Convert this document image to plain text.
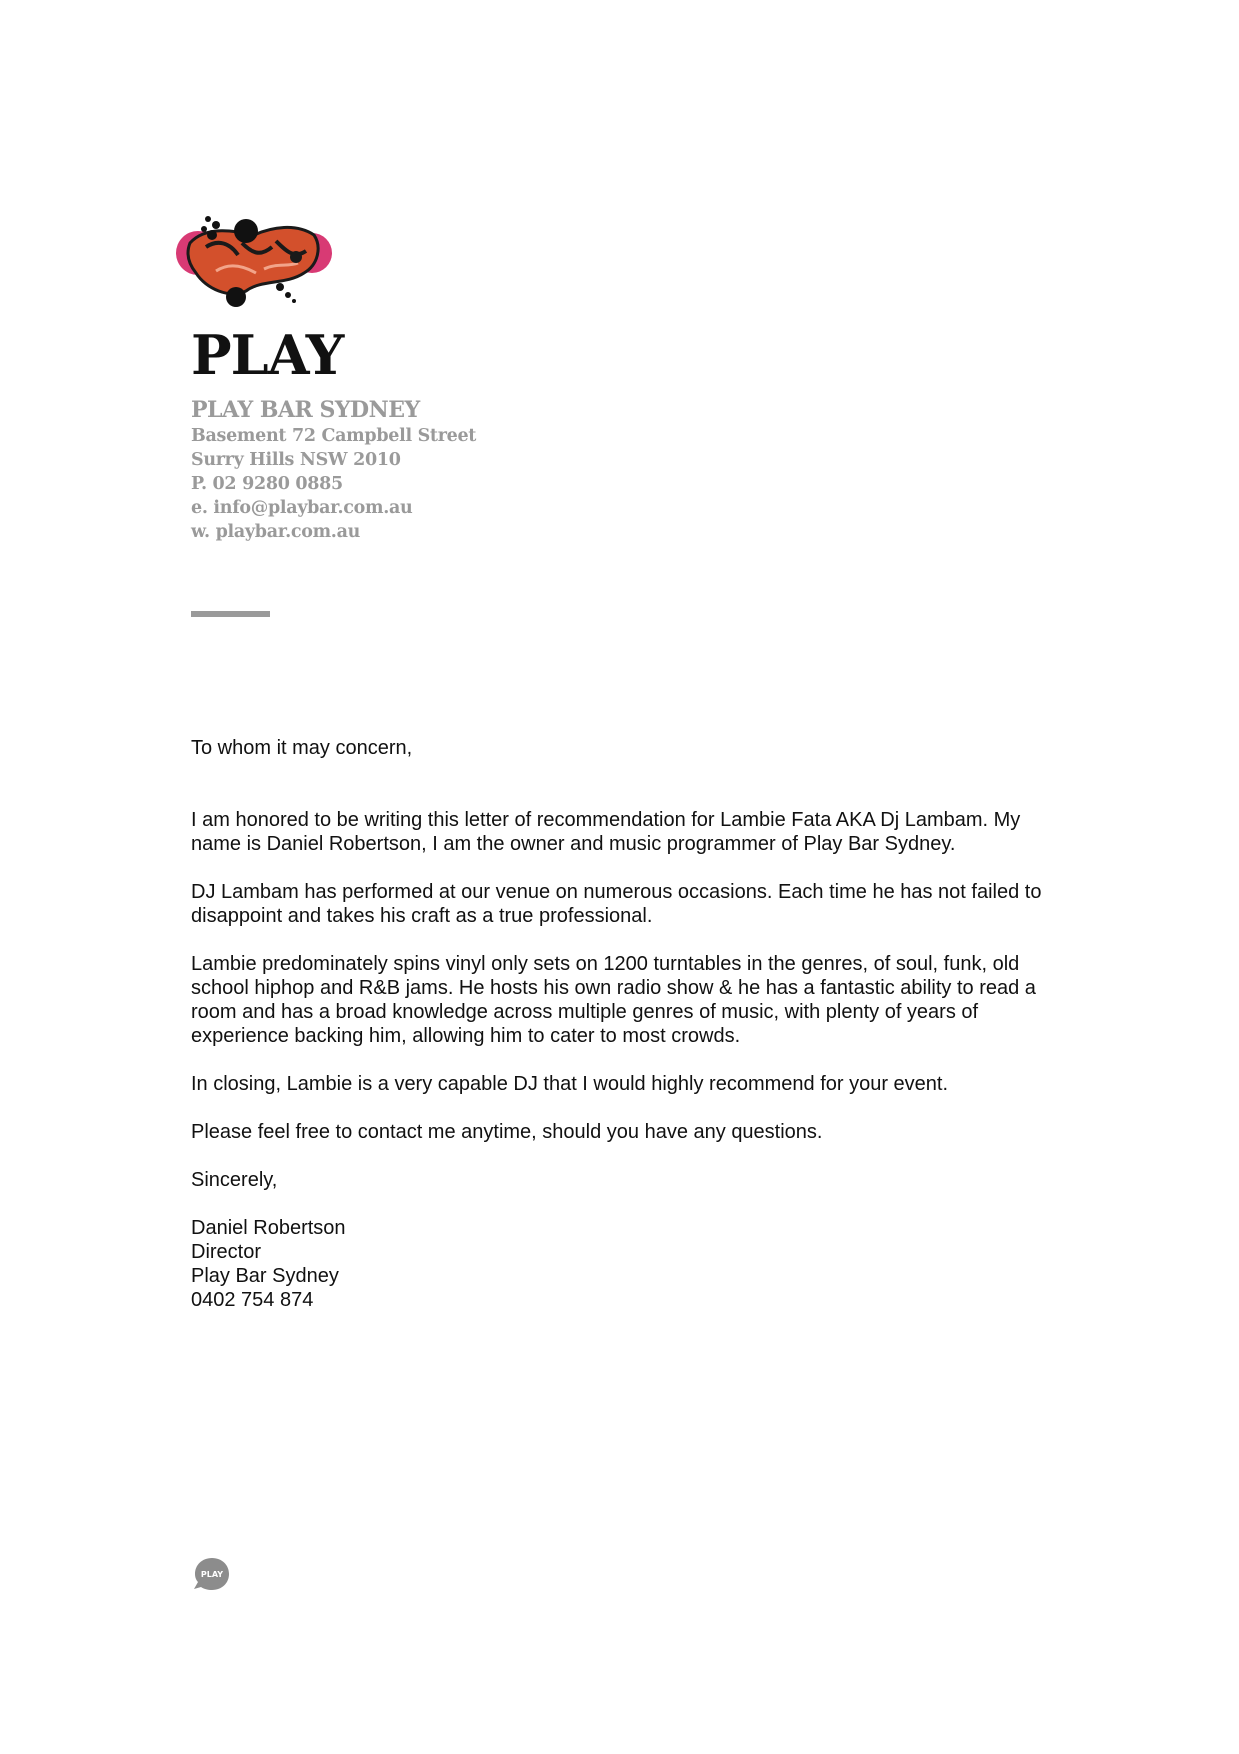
PLAY
PLAY BAR SYDNEY
Basement 72 Campbell Street
Surry Hills NSW 2010
P. 02 9280 0885
e. info@playbar.com.au
w. playbar.com.au

To whom it may concern,

I am honored to be writing this letter of recommendation for Lambie Fata AKA Dj Lambam. My name is Daniel Robertson, I am the owner and music programmer of Play Bar Sydney.

DJ Lambam has performed at our venue on numerous occasions. Each time he has not failed to disappoint and takes his craft as a true professional.

Lambie predominately spins vinyl only sets on 1200 turntables in the genres, of soul, funk, old school hiphop and R&B jams. He hosts his own radio show & he has a fantastic ability to read a room and has a broad knowledge across multiple genres of music, with plenty of years of experience backing him, allowing him to cater to most crowds.

In closing, Lambie is a very capable DJ that I would highly recommend for your event.

Please feel free to contact me anytime, should you have any questions.

Sincerely,

Daniel Robertson

Director

Play Bar Sydney

0402 754 874

PLAY
